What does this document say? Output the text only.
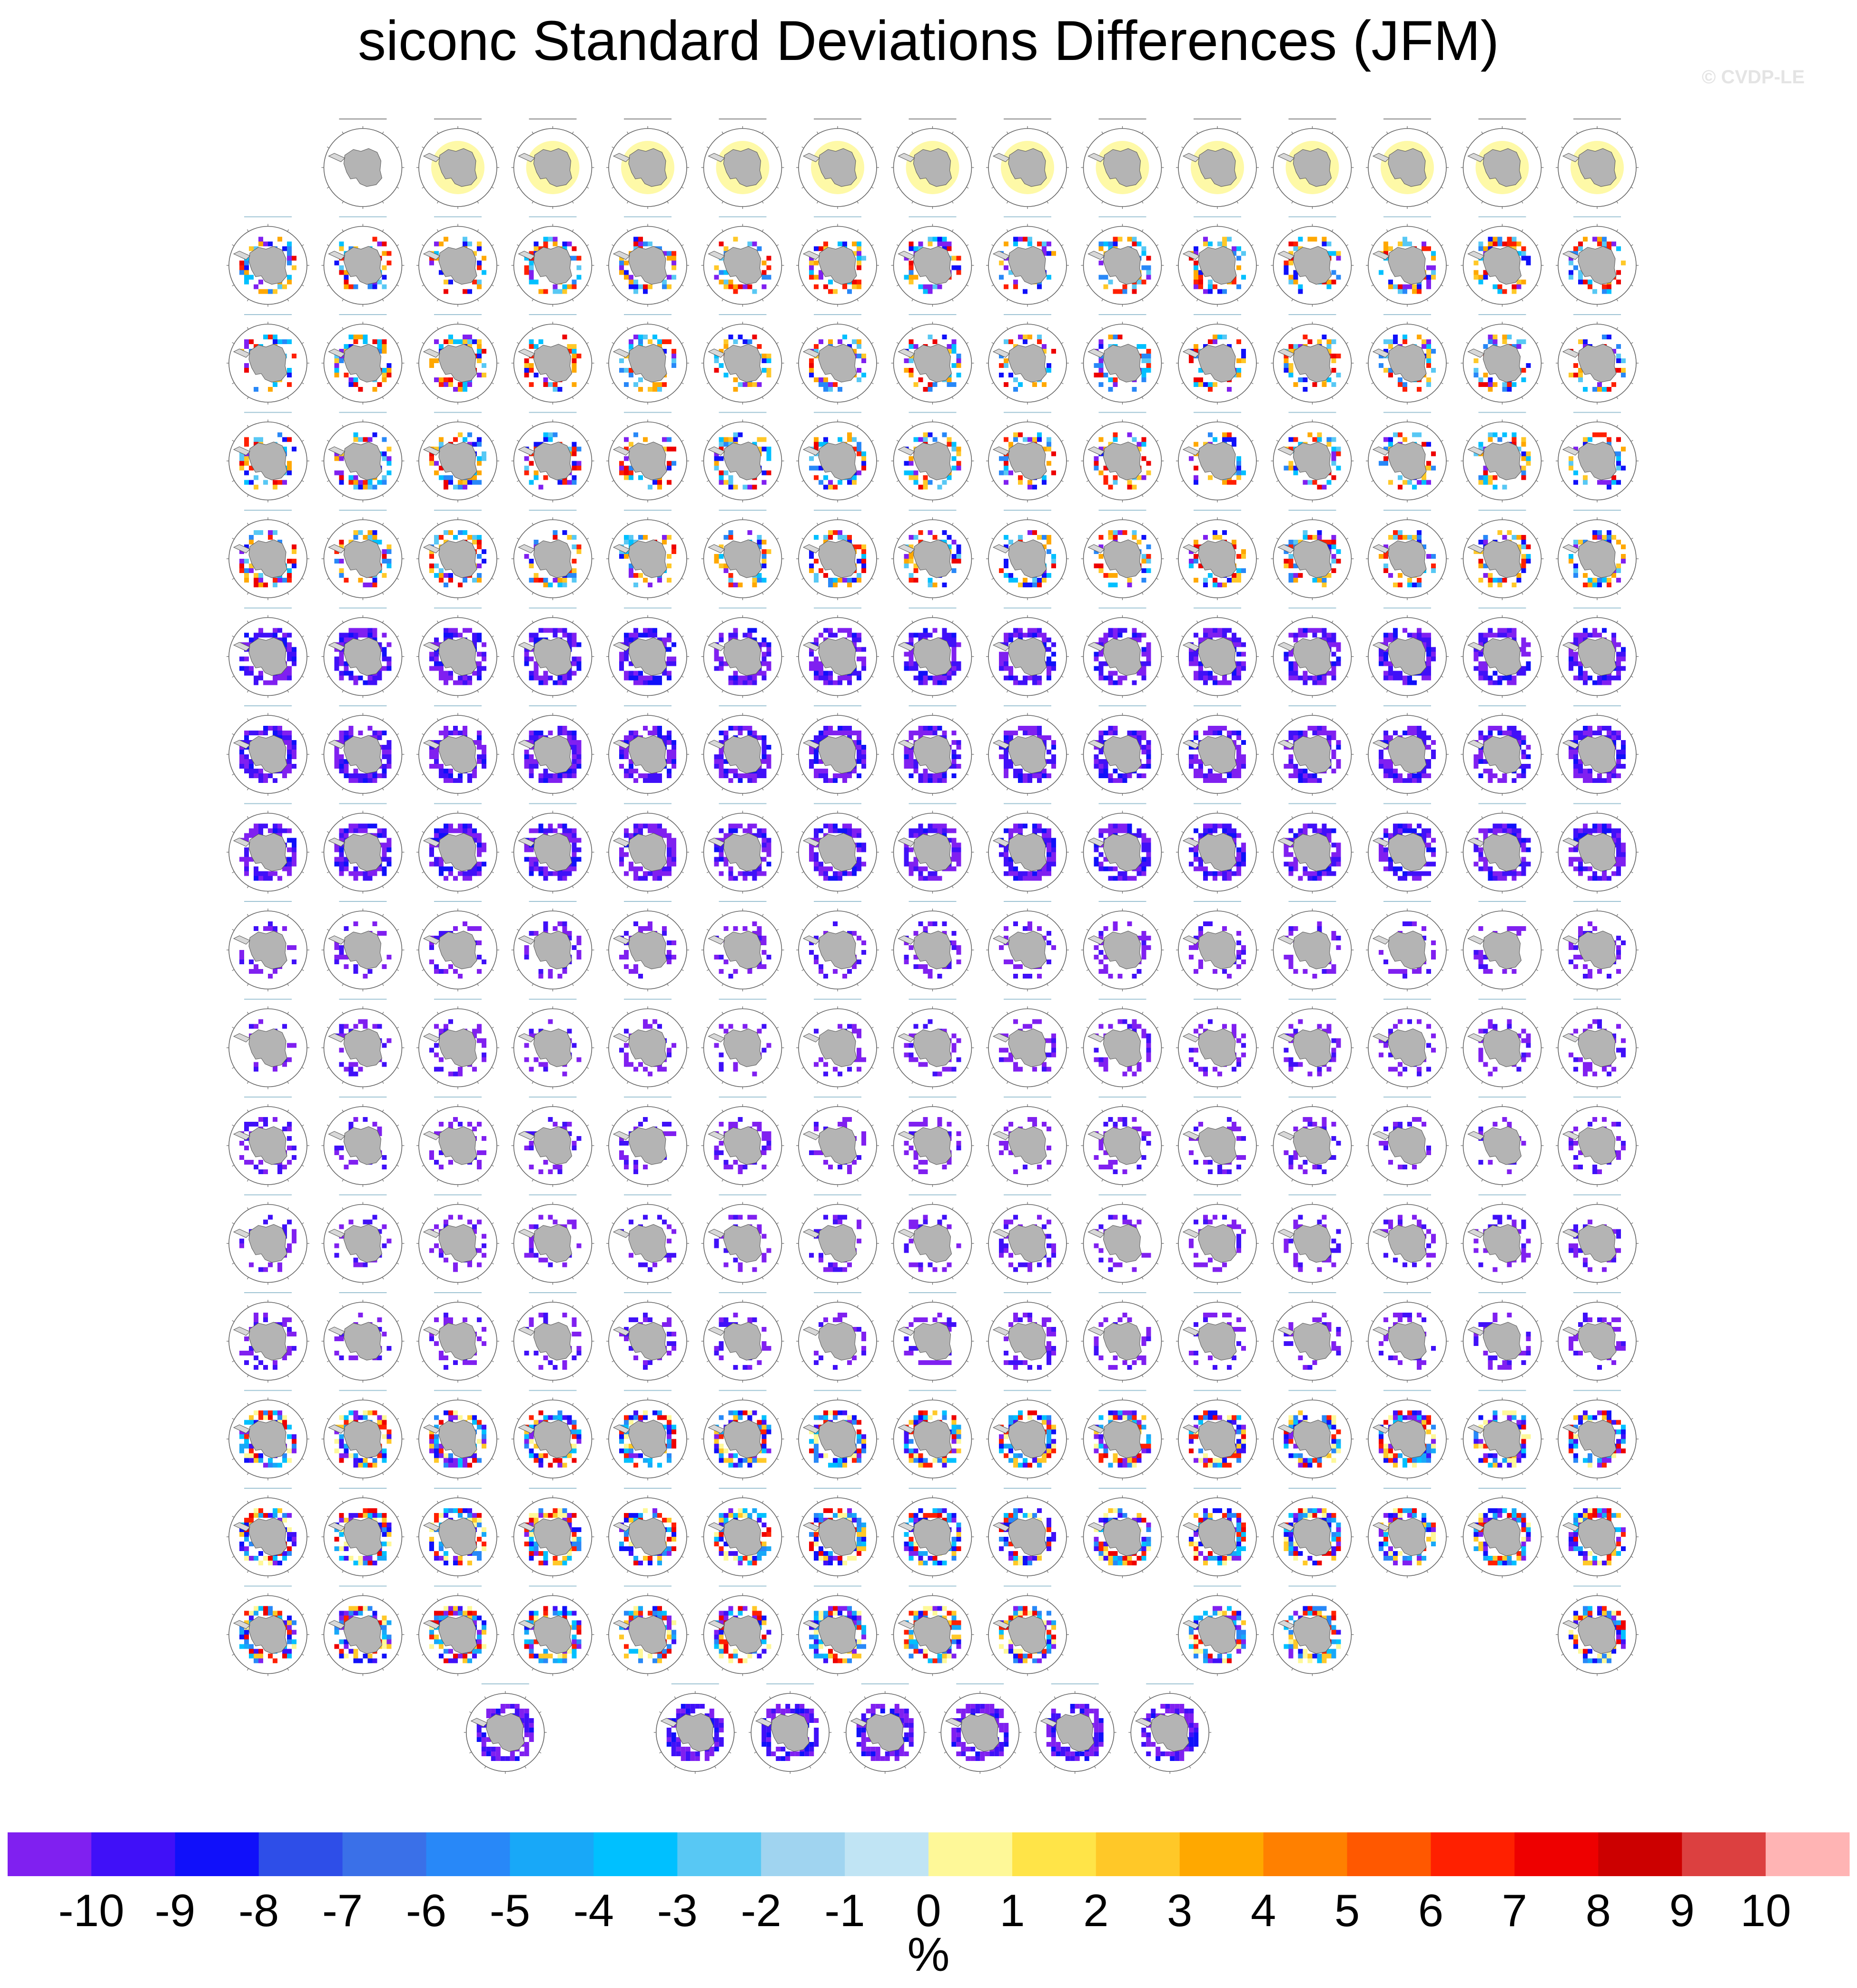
siconc Standard Deviations Differences (JFM)
© CVDP-LE
-10 -9 -8 -7 -6 -5 -4 -3 -2 -1 0 1 2 3 4 5 6 7 8 9 10
%
